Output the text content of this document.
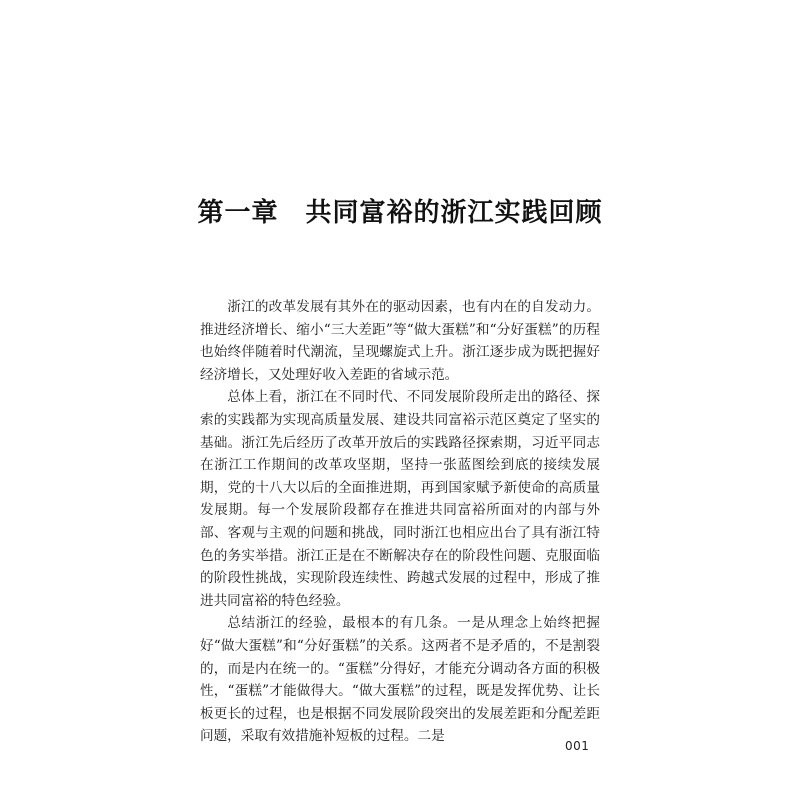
第一章　共同富裕的浙江实践回顾

浙江的改革发展有其外在的驱动因素，也有内在的自发动力。推进经济增长、缩小“三大差距”等“做大蛋糕”和“分好蛋糕”的历程也始终伴随着时代潮流，呈现螺旋式上升。浙江逐步成为既把握好经济增长，又处理好收入差距的省域示范。

总体上看，浙江在不同时代、不同发展阶段所走出的路径、探索的实践都为实现高质量发展、建设共同富裕示范区奠定了坚实的基础。浙江先后经历了改革开放后的实践路径探索期，习近平同志在浙江工作期间的改革攻坚期，坚持一张蓝图绘到底的接续发展期，党的十八大以后的全面推进期，再到国家赋予新使命的高质量发展期。每一个发展阶段都存在推进共同富裕所面对的内部与外部、客观与主观的问题和挑战，同时浙江也相应出台了具有浙江特色的务实举措。浙江正是在不断解决存在的阶段性问题、克服面临的阶段性挑战，实现阶段连续性、跨越式发展的过程中，形成了推进共同富裕的特色经验。

总结浙江的经验，最根本的有几条。一是从理念上始终把握好“做大蛋糕”和“分好蛋糕”的关系。这两者不是矛盾的，不是割裂的，而是内在统一的。“蛋糕”分得好，才能充分调动各方面的积极性，“蛋糕”才能做得大。“做大蛋糕”的过程，既是发挥优势、让长板更长的过程，也是根据不同发展阶段突出的发展差距和分配差距问题，采取有效措施补短板的过程。二是

001
